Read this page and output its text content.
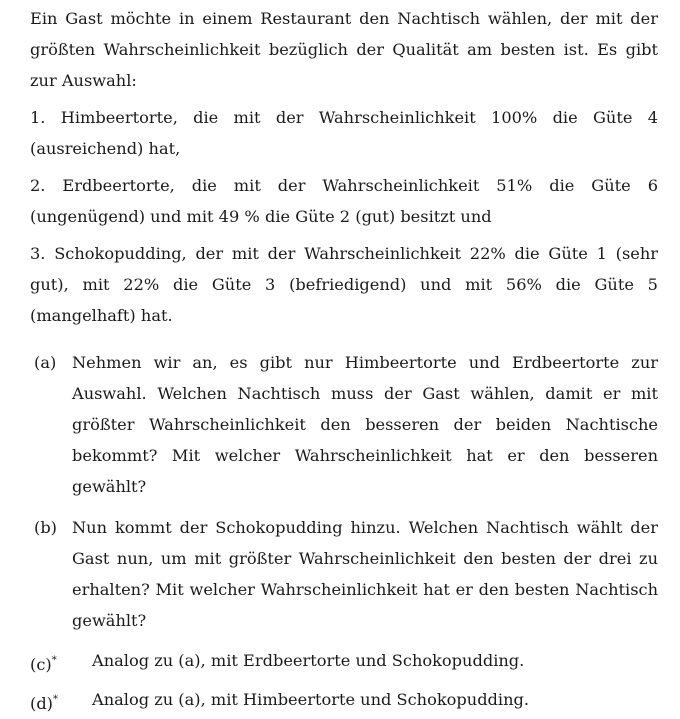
Ein Gast möchte in einem Restaurant den Nachtisch wählen, der mit der größten Wahrscheinlichkeit bezüglich der Qualität am besten ist. Es gibt zur Auswahl:

1. Himbeertorte, die mit der Wahrscheinlichkeit 100% die Güte 4 (ausreichend) hat,

2. Erdbeertorte, die mit der Wahrscheinlichkeit 51% die Güte 6 (ungenügend) und mit 49 % die Güte 2 (gut) besitzt und

3. Schokopudding, der mit der Wahrscheinlichkeit 22% die Güte 1 (sehr gut), mit 22% die Güte 3 (befriedigend) und mit 56% die Güte 5 (mangelhaft) hat.

(a) Nehmen wir an, es gibt nur Himbeertorte und Erdbeertorte zur Auswahl. Welchen Nachtisch muss der Gast wählen, damit er mit größter Wahrscheinlichkeit den besseren der beiden Nachtische bekommt? Mit welcher Wahrscheinlichkeit hat er den besseren gewählt?
(b) Nun kommt der Schokopudding hinzu. Welchen Nachtisch wählt der Gast nun, um mit größter Wahrscheinlichkeit den besten der drei zu erhalten? Mit welcher Wahrscheinlichkeit hat er den besten Nachtisch gewählt?
(c)* Analog zu (a), mit Erdbeertorte und Schokopudding.
(d)* Analog zu (a), mit Himbeertorte und Schokopudding.
